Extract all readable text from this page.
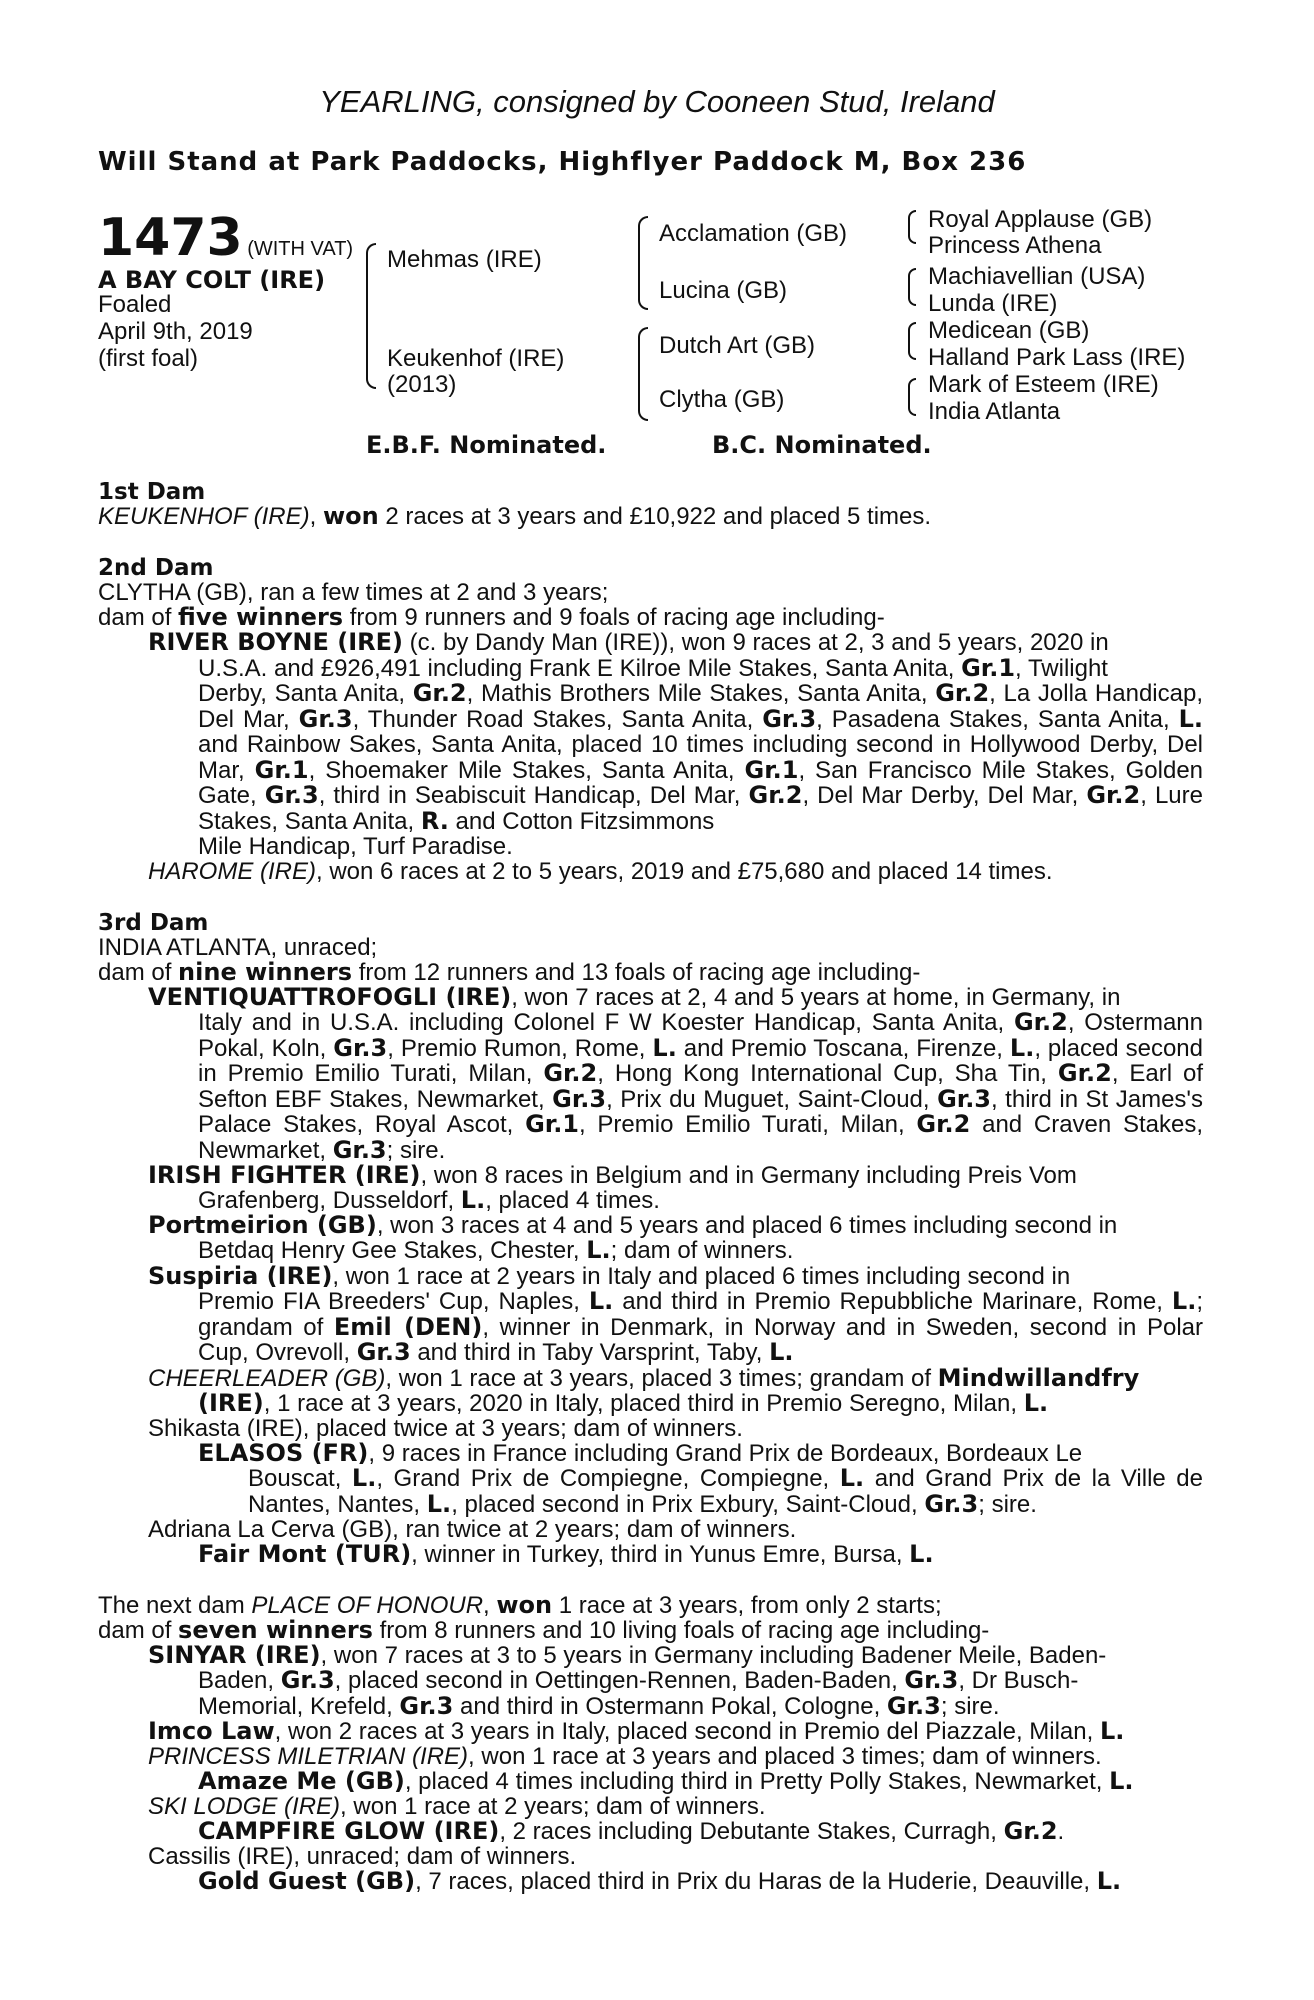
YEARLING, consigned by Cooneen Stud, Ireland
Will Stand at Park Paddocks, Highflyer Paddock M, Box 236
1473 (WITH VAT)
A BAY COLT (IRE)
Foaled
April 9th, 2019
(first foal)
Mehmas (IRE)
Keukenhof (IRE)
(2013)
Acclamation (GB)
Lucina (GB)
Dutch Art (GB)
Clytha (GB)
Royal Applause (GB)
Princess Athena
Machiavellian (USA)
Lunda (IRE)
Medicean (GB)
Halland Park Lass (IRE)
Mark of Esteem (IRE)
India Atlanta
E.B.F. Nominated.	B.C. Nominated.
1st Dam
KEUKENHOF (IRE), won 2 races at 3 years and £10,922 and placed 5 times.
2nd Dam
CLYTHA (GB), ran a few times at 2 and 3 years;
dam of five winners from 9 runners and 9 foals of racing age including-
RIVER BOYNE (IRE) (c. by Dandy Man (IRE)), won 9 races at 2, 3 and 5 years, 2020 in
U.S.A. and £926,491 including Frank E Kilroe Mile Stakes, Santa Anita, Gr.1, Twilight
Derby, Santa Anita, Gr.2, Mathis Brothers Mile Stakes, Santa Anita, Gr.2, La Jolla Handicap, Del Mar, Gr.3, Thunder Road Stakes, Santa Anita, Gr.3, Pasadena Stakes, Santa Anita, L. and Rainbow Sakes, Santa Anita, placed 10 times including second in Hollywood Derby, Del Mar, Gr.1, Shoemaker Mile Stakes, Santa Anita, Gr.1, San Francisco Mile Stakes, Golden Gate, Gr.3, third in Seabiscuit Handicap, Del Mar, Gr.2, Del Mar Derby, Del Mar, Gr.2, Lure Stakes, Santa Anita, R. and Cotton Fitzsimmons
Mile Handicap, Turf Paradise.
HAROME (IRE), won 6 races at 2 to 5 years, 2019 and £75,680 and placed 14 times.
3rd Dam
INDIA ATLANTA, unraced;
dam of nine winners from 12 runners and 13 foals of racing age including-
VENTIQUATTROFOGLI (IRE), won 7 races at 2, 4 and 5 years at home, in Germany, in
Italy and in U.S.A. including Colonel F W Koester Handicap, Santa Anita, Gr.2, Ostermann Pokal, Koln, Gr.3, Premio Rumon, Rome, L. and Premio Toscana, Firenze, L., placed second in Premio Emilio Turati, Milan, Gr.2, Hong Kong International Cup, Sha Tin, Gr.2, Earl of Sefton EBF Stakes, Newmarket, Gr.3, Prix du Muguet, Saint-Cloud, Gr.3, third in St James's Palace Stakes, Royal Ascot, Gr.1, Premio Emilio Turati, Milan, Gr.2 and Craven Stakes, Newmarket, Gr.3; sire.
IRISH FIGHTER (IRE), won 8 races in Belgium and in Germany including Preis Vom
Grafenberg, Dusseldorf, L., placed 4 times.
Portmeirion (GB), won 3 races at 4 and 5 years and placed 6 times including second in
Betdaq Henry Gee Stakes, Chester, L.; dam of winners.
Suspiria (IRE), won 1 race at 2 years in Italy and placed 6 times including second in
Premio FIA Breeders' Cup, Naples, L. and third in Premio Repubbliche Marinare, Rome, L.; grandam of Emil (DEN), winner in Denmark, in Norway and in Sweden, second in Polar Cup, Ovrevoll, Gr.3 and third in Taby Varsprint, Taby, L.
CHEERLEADER (GB), won 1 race at 3 years, placed 3 times; grandam of Mindwillandfry
(IRE), 1 race at 3 years, 2020 in Italy, placed third in Premio Seregno, Milan, L.
Shikasta (IRE), placed twice at 3 years; dam of winners.
ELASOS (FR), 9 races in France including Grand Prix de Bordeaux, Bordeaux Le
Bouscat, L., Grand Prix de Compiegne, Compiegne, L. and Grand Prix de la Ville de Nantes, Nantes, L., placed second in Prix Exbury, Saint-Cloud, Gr.3; sire.
Adriana La Cerva (GB), ran twice at 2 years; dam of winners.
Fair Mont (TUR), winner in Turkey, third in Yunus Emre, Bursa, L.
The next dam PLACE OF HONOUR, won 1 race at 3 years, from only 2 starts;
dam of seven winners from 8 runners and 10 living foals of racing age including-
SINYAR (IRE), won 7 races at 3 to 5 years in Germany including Badener Meile, Baden-
Baden, Gr.3, placed second in Oettingen-Rennen, Baden-Baden, Gr.3, Dr Busch-
Memorial, Krefeld, Gr.3 and third in Ostermann Pokal, Cologne, Gr.3; sire.
Imco Law, won 2 races at 3 years in Italy, placed second in Premio del Piazzale, Milan, L.
PRINCESS MILETRIAN (IRE), won 1 race at 3 years and placed 3 times; dam of winners.
Amaze Me (GB), placed 4 times including third in Pretty Polly Stakes, Newmarket, L.
SKI LODGE (IRE), won 1 race at 2 years; dam of winners.
CAMPFIRE GLOW (IRE), 2 races including Debutante Stakes, Curragh, Gr.2.
Cassilis (IRE), unraced; dam of winners.
Gold Guest (GB), 7 races, placed third in Prix du Haras de la Huderie, Deauville, L.
